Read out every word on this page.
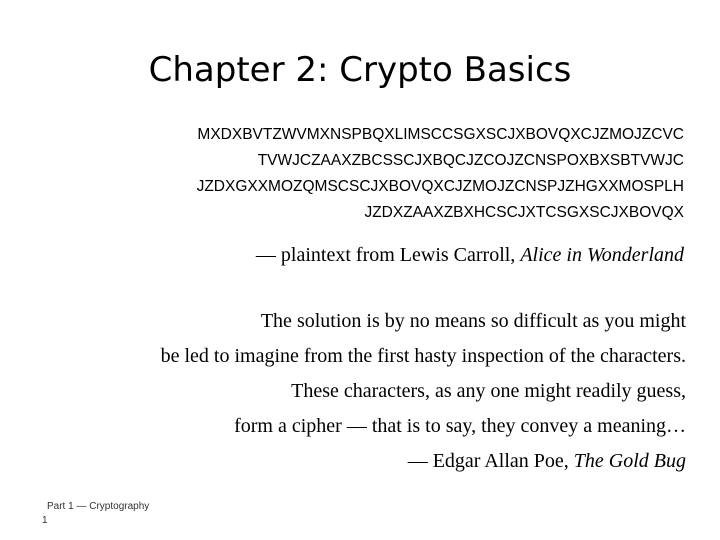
Chapter 2: Crypto Basics
MXDXBVTZWVMXNSPBQXLIMSCCSGXSCJXBOVQXCJZMOJZCVC
TVWJCZAAXZBCSSCJXBQCJZCOJZCNSPOXBXSBTVWJC
JZDXGXXMOZQMSCSCJXBOVQXCJZMOJZCNSPJZHGXXMOSPLH
JZDXZAAXZBXHCSCJXTCSGXSCJXBOVQX
— plaintext from Lewis Carroll, Alice in Wonderland
The solution is by no means so difficult as you might
be led to imagine from the first hasty inspection of the characters.
These characters, as any one might readily guess,
form a cipher — that is to say, they convey a meaning…
— Edgar Allan Poe, The Gold Bug
Part 1 — Cryptography
1
